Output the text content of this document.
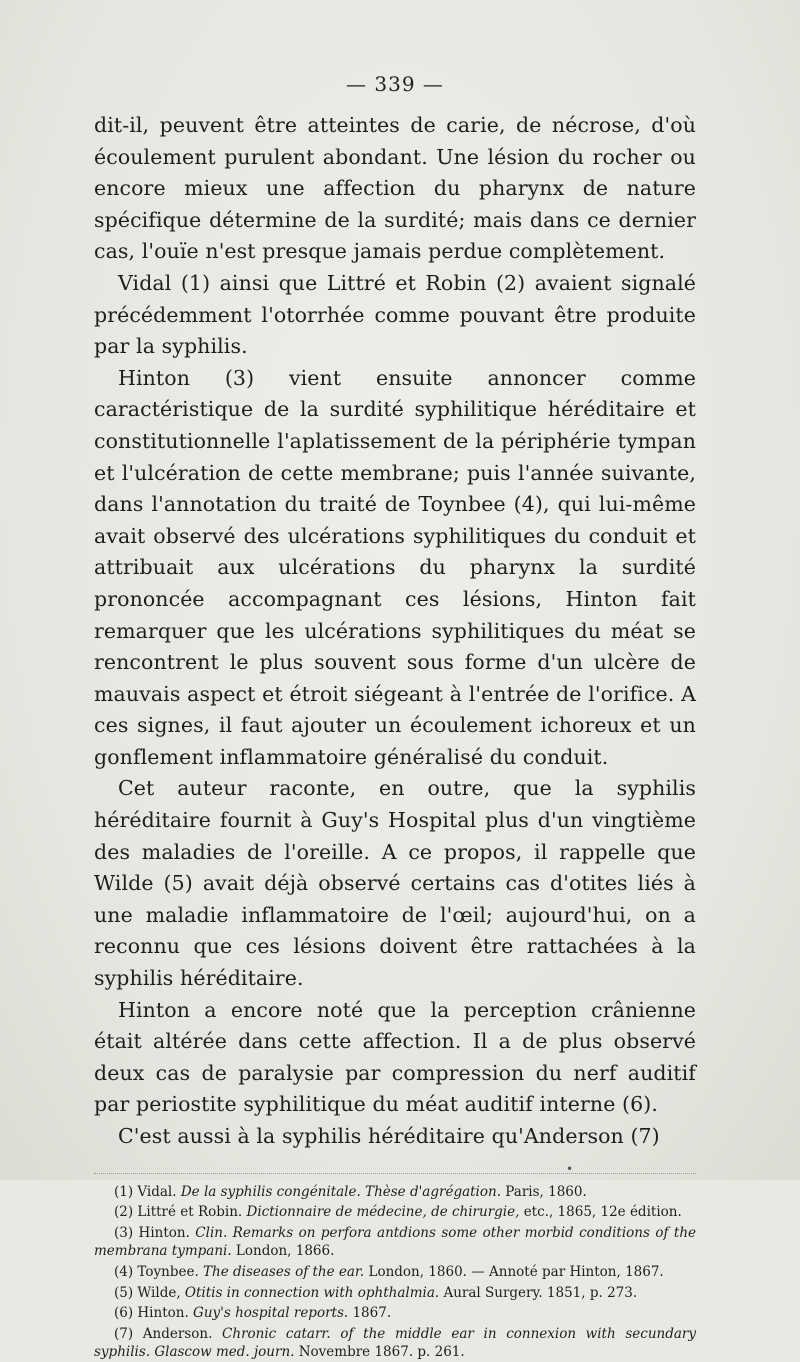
— 339 —

dit-il, peuvent être atteintes de carie, de nécrose, d'où écoulement purulent abondant. Une lésion du rocher ou encore mieux une affection du pharynx de nature spécifique détermine de la surdité; mais dans ce dernier cas, l'ouïe n'est presque jamais perdue complètement.

Vidal (1) ainsi que Littré et Robin (2) avaient signalé précédemment l'otorrhée comme pouvant être produite par la syphilis.

Hinton (3) vient ensuite annoncer comme caractéristique de la surdité syphilitique héréditaire et constitutionnelle l'aplatissement de la périphérie tympan et l'ulcération de cette membrane; puis l'année suivante, dans l'annotation du traité de Toynbee (4), qui lui-même avait observé des ulcérations syphilitiques du conduit et attribuait aux ulcérations du pharynx la surdité prononcée accompagnant ces lésions, Hinton fait remarquer que les ulcérations syphilitiques du méat se rencontrent le plus souvent sous forme d'un ulcère de mauvais aspect et étroit siégeant à l'entrée de l'orifice. A ces signes, il faut ajouter un écoulement ichoreux et un gonflement inflammatoire généralisé du conduit.

Cet auteur raconte, en outre, que la syphilis héréditaire fournit à Guy's Hospital plus d'un vingtième des maladies de l'oreille. A ce propos, il rappelle que Wilde (5) avait déjà observé certains cas d'otites liés à une maladie inflammatoire de l'œil; aujourd'hui, on a reconnu que ces lésions doivent être rattachées à la syphilis héréditaire.

Hinton a encore noté que la perception crânienne était altérée dans cette affection. Il a de plus observé deux cas de paralysie par compression du nerf auditif par periostite syphilitique du méat auditif interne (6).

C'est aussi à la syphilis héréditaire qu'Anderson (7)

(1) Vidal. De la syphilis congénitale. Thèse d'agrégation. Paris, 1860.

(2) Littré et Robin. Dictionnaire de médecine, de chirurgie, etc., 1865, 12e édition.

(3) Hinton. Clin. Remarks on perfora antdions some other morbid conditions of the membrana tympani. London, 1866.

(4) Toynbee. The diseases of the ear. London, 1860. — Annoté par Hinton, 1867.

(5) Wilde, Otitis in connection with ophthalmia. Aural Surgery. 1851, p. 273.

(6) Hinton. Guy's hospital reports. 1867.

(7) Anderson. Chronic catarr. of the middle ear in connexion with secundary syphilis. Glascow med. journ. Novembre 1867. p. 261.

•
